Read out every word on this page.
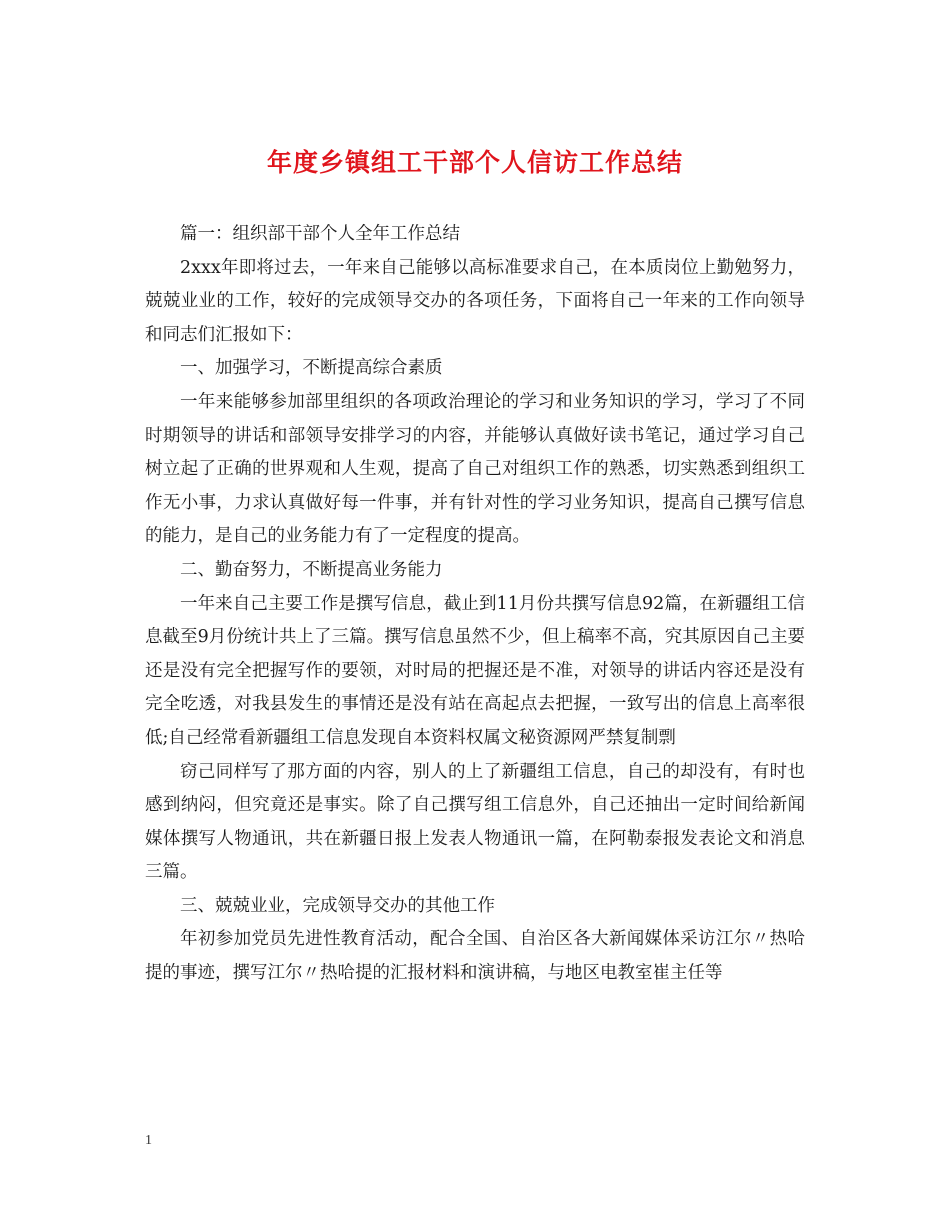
年度乡镇组工干部个人信访工作总结

篇一：组织部干部个人全年工作总结

2xxx年即将过去，一年来自己能够以高标准要求自己，在本质岗位上勤勉努力，兢兢业业的工作，较好的完成领导交办的各项任务，下面将自己一年来的工作向领导和同志们汇报如下：

一、加强学习，不断提高综合素质

一年来能够参加部里组织的各项政治理论的学习和业务知识的学习，学习了不同时期领导的讲话和部领导安排学习的内容，并能够认真做好读书笔记，通过学习自己树立起了正确的世界观和人生观，提高了自己对组织工作的熟悉，切实熟悉到组织工作无小事，力求认真做好每一件事，并有针对性的学习业务知识，提高自己撰写信息的能力，是自己的业务能力有了一定程度的提高。

二、勤奋努力，不断提高业务能力

一年来自己主要工作是撰写信息，截止到11月份共撰写信息92篇，在新疆组工信息截至9月份统计共上了三篇。撰写信息虽然不少，但上稿率不高，究其原因自己主要还是没有完全把握写作的要领，对时局的把握还是不准，对领导的讲话内容还是没有完全吃透，对我县发生的事情还是没有站在高起点去把握，一致写出的信息上高率很低;自己经常看新疆组工信息发现自本资料权属文秘资源网严禁复制剽

窃己同样写了那方面的内容，别人的上了新疆组工信息，自己的却没有，有时也感到纳闷，但究竟还是事实。除了自己撰写组工信息外，自己还抽出一定时间给新闻媒体撰写人物通讯，共在新疆日报上发表人物通讯一篇，在阿勒泰报发表论文和消息三篇。

三、兢兢业业，完成领导交办的其他工作

年初参加党员先进性教育活动，配合全国、自治区各大新闻媒体采访江尔〃热哈提的事迹，撰写江尔〃热哈提的汇报材料和演讲稿，与地区电教室崔主任等

1
